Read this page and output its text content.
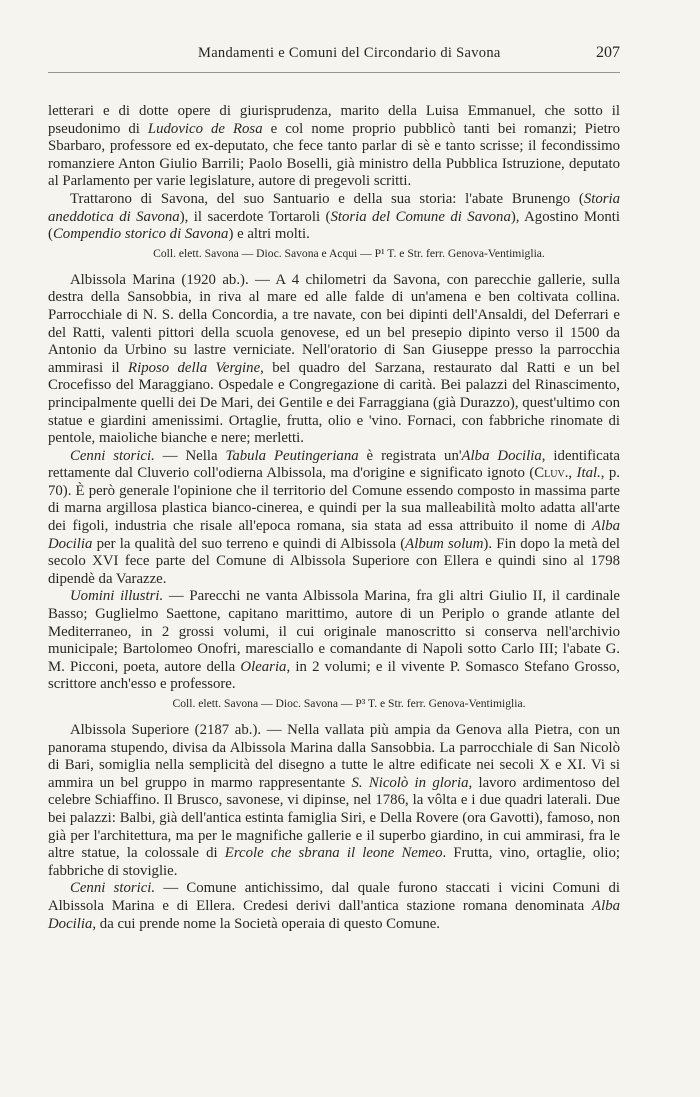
Mandamenti e Comuni del Circondario di Savona	207

letterari e di dotte opere di giurisprudenza, marito della Luisa Emmanuel, che sotto il pseudonimo di Ludovico de Rosa e col nome proprio pubblicò tanti bei romanzi; Pietro Sbarbaro, professore ed ex-deputato, che fece tanto parlar di sè e tanto scrisse; il fecondissimo romanziere Anton Giulio Barrili; Paolo Boselli, già ministro della Pubblica Istruzione, deputato al Parlamento per varie legislature, autore di pregevoli scritti.

Trattarono di Savona, del suo Santuario e della sua storia: l'abate Brunengo (Storia aneddotica di Savona), il sacerdote Tortaroli (Storia del Comune di Savona), Agostino Monti (Compendio storico di Savona) e altri molti.

Coll. elett. Savona — Dioc. Savona e Acqui — P¹ T. e Str. ferr. Genova-Ventimiglia.

Albissola Marina (1920 ab.). — A 4 chilometri da Savona, con parecchie gallerie, sulla destra della Sansobbia, in riva al mare ed alle falde di un'amena e ben coltivata collina. Parrocchiale di N. S. della Concordia, a tre navate, con bei dipinti dell'Ansaldi, del Deferrari e del Ratti, valenti pittori della scuola genovese, ed un bel presepio dipinto verso il 1500 da Antonio da Urbino su lastre verniciate. Nell'oratorio di San Giuseppe presso la parrocchia ammirasi il Riposo della Vergine, bel quadro del Sarzana, restaurato dal Ratti e un bel Crocefisso del Maraggiano. Ospedale e Congregazione di carità. Bei palazzi del Rinascimento, principalmente quelli dei De Mari, dei Gentile e dei Farraggiana (già Durazzo), quest'ultimo con statue e giardini amenissimi. Ortaglie, frutta, olio e 'vino. Fornaci, con fabbriche rinomate di pentole, maioliche bianche e nere; merletti.

Cenni storici. — Nella Tabula Peutingeriana è registrata un'Alba Docilia, identificata rettamente dal Cluverio coll'odierna Albissola, ma d'origine e significato ignoto (Cluv., Ital., p. 70). È però generale l'opinione che il territorio del Comune essendo composto in massima parte di marna argillosa plastica bianco-cinerea, e quindi per la sua malleabilità molto adatta all'arte dei figoli, industria che risale all'epoca romana, sia stata ad essa attribuito il nome di Alba Docilia per la qualità del suo terreno e quindi di Albissola (Album solum). Fin dopo la metà del secolo XVI fece parte del Comune di Albissola Superiore con Ellera e quindi sino al 1798 dipendè da Varazze.

Uomini illustri. — Parecchi ne vanta Albissola Marina, fra gli altri Giulio II, il cardinale Basso; Guglielmo Saettone, capitano marittimo, autore di un Periplo o grande atlante del Mediterraneo, in 2 grossi volumi, il cui originale manoscritto si conserva nell'archivio municipale; Bartolomeo Onofri, maresciallo e comandante di Napoli sotto Carlo III; l'abate G. M. Picconi, poeta, autore della Olearia, in 2 volumi; e il vivente P. Somasco Stefano Grosso, scrittore anch'esso e professore.

Coll. elett. Savona — Dioc. Savona — P³ T. e Str. ferr. Genova-Ventimiglia.

Albissola Superiore (2187 ab.). — Nella vallata più ampia da Genova alla Pietra, con un panorama stupendo, divisa da Albissola Marina dalla Sansobbia. La parrocchiale di San Nicolò di Bari, somiglia nella semplicità del disegno a tutte le altre edificate nei secoli X e XI. Vi si ammira un bel gruppo in marmo rappresentante S. Nicolò in gloria, lavoro ardimentoso del celebre Schiaffino. Il Brusco, savonese, vi dipinse, nel 1786, la vôlta e i due quadri laterali. Due bei palazzi: Balbi, già dell'antica estinta famiglia Siri, e Della Rovere (ora Gavotti), famoso, non già per l'architettura, ma per le magnifiche gallerie e il superbo giardino, in cui ammirasi, fra le altre statue, la colossale di Ercole che sbrana il leone Nemeo. Frutta, vino, ortaglie, olio; fabbriche di stoviglie.

Cenni storici. — Comune antichissimo, dal quale furono staccati i vicini Comuni di Albissola Marina e di Ellera. Credesi derivi dall'antica stazione romana denominata Alba Docilia, da cui prende nome la Società operaia di questo Comune.
